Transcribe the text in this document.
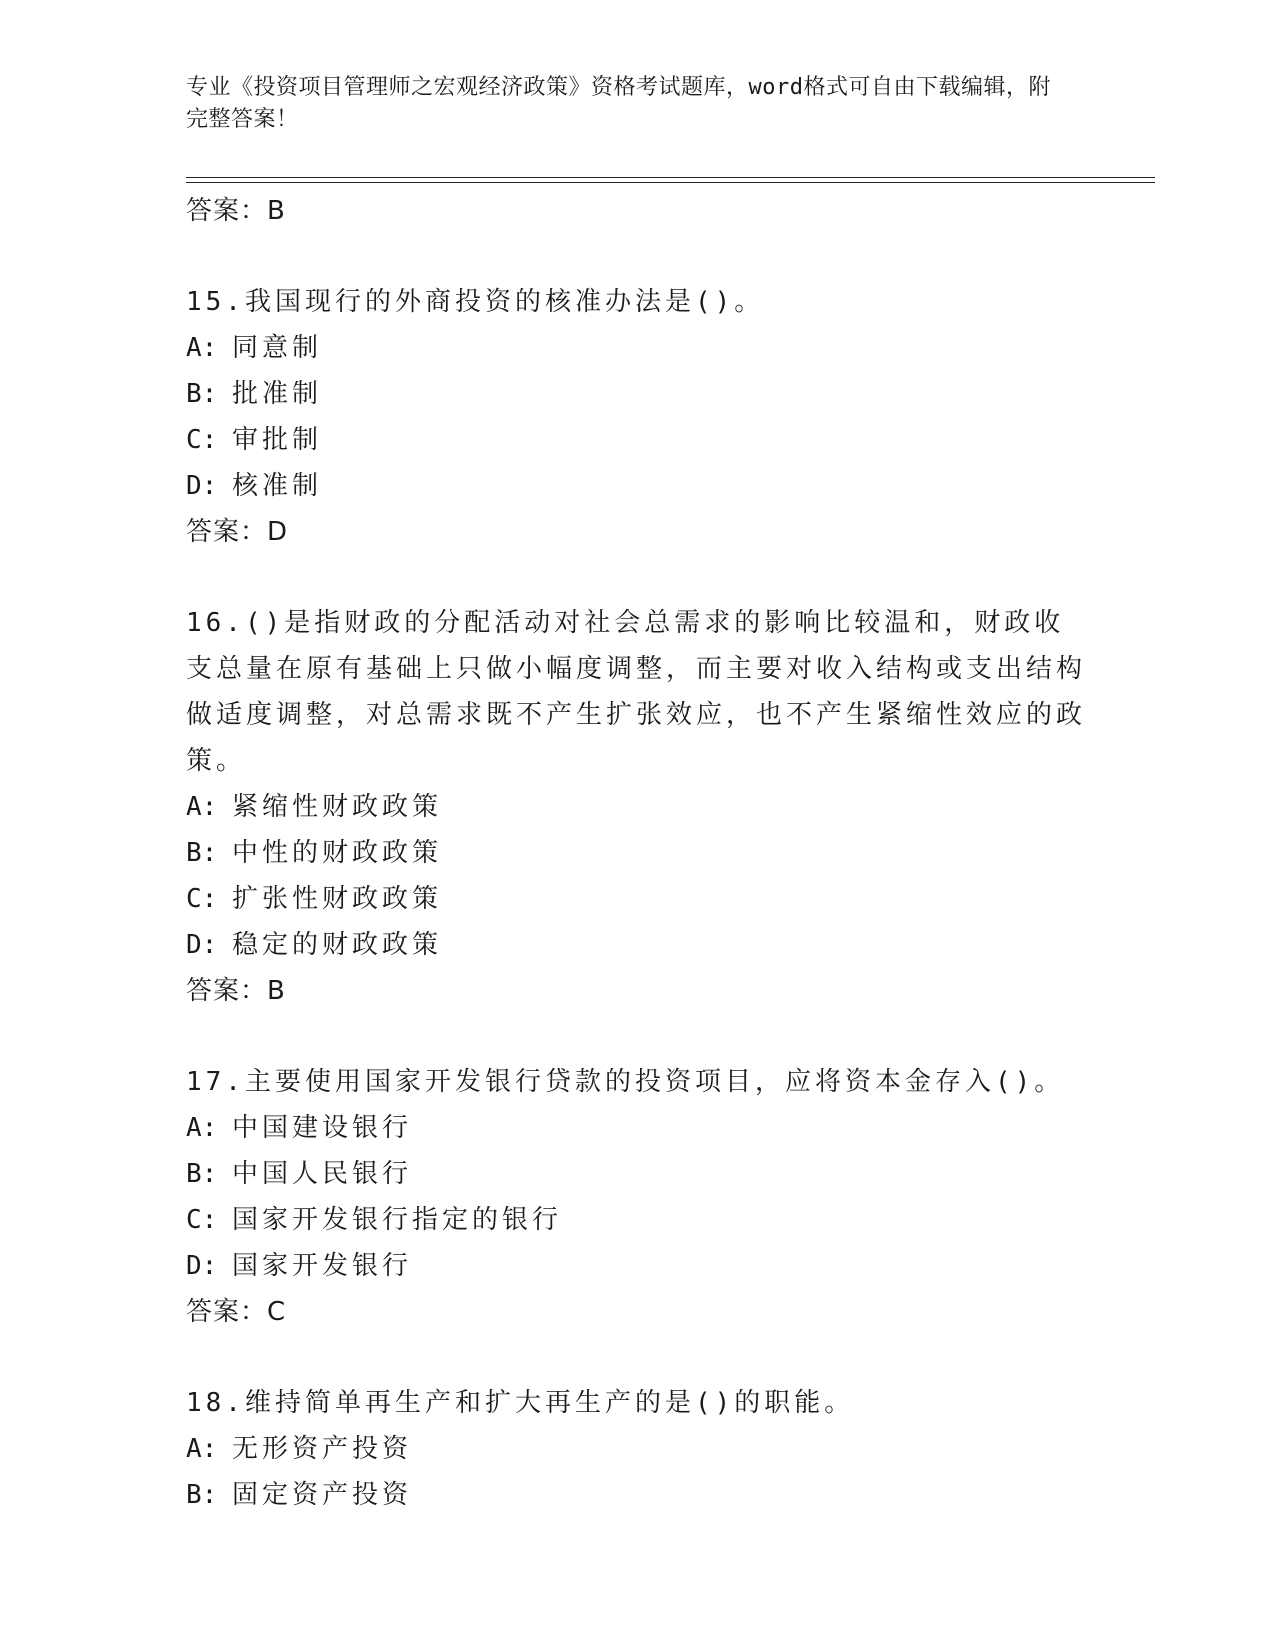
专业《投资项目管理师之宏观经济政策》资格考试题库，word格式可自由下载编辑，附完整答案！
答案：B
15.我国现行的外商投资的核准办法是()。
A: 同意制
B: 批准制
C: 审批制
D: 核准制
答案：D
16.()是指财政的分配活动对社会总需求的影响比较温和，财政收支总量在原有基础上只做小幅度调整，而主要对收入结构或支出结构做适度调整，对总需求既不产生扩张效应，也不产生紧缩性效应的政策。
A: 紧缩性财政政策
B: 中性的财政政策
C: 扩张性财政政策
D: 稳定的财政政策
答案：B
17.主要使用国家开发银行贷款的投资项目，应将资本金存入()。
A: 中国建设银行
B: 中国人民银行
C: 国家开发银行指定的银行
D: 国家开发银行
答案：C
18.维持简单再生产和扩大再生产的是()的职能。
A: 无形资产投资
B: 固定资产投资
